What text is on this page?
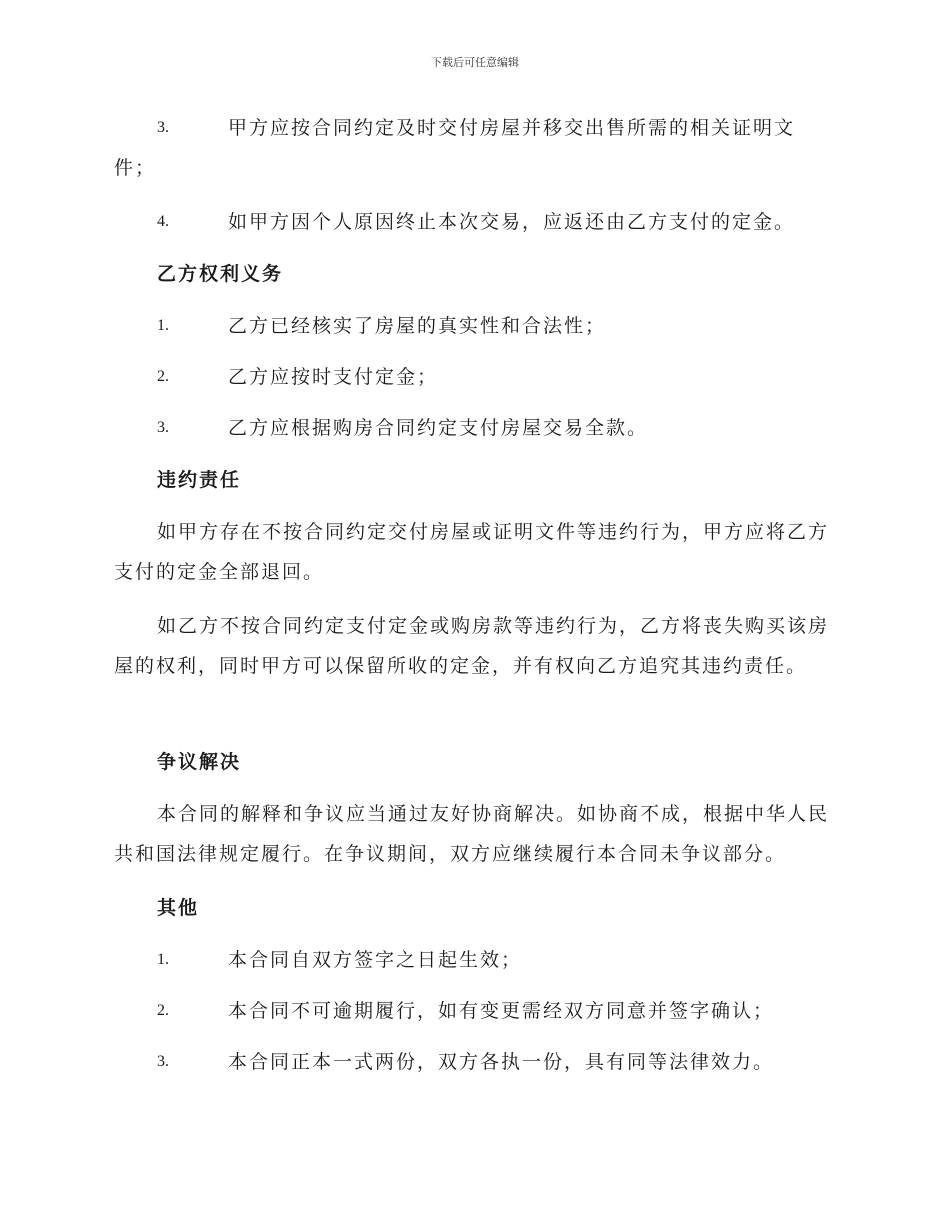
下载后可任意编辑
3.	甲方应按合同约定及时交付房屋并移交出售所需的相关证明文件；
4.	如甲方因个人原因终止本次交易，应返还由乙方支付的定金。
乙方权利义务
1.	乙方已经核实了房屋的真实性和合法性；
2.	乙方应按时支付定金；
3.	乙方应根据购房合同约定支付房屋交易全款。
违约责任
如甲方存在不按合同约定交付房屋或证明文件等违约行为，甲方应将乙方支付的定金全部退回。
如乙方不按合同约定支付定金或购房款等违约行为，乙方将丧失购买该房屋的权利，同时甲方可以保留所收的定金，并有权向乙方追究其违约责任。
争议解决
本合同的解释和争议应当通过友好协商解决。如协商不成，根据中华人民共和国法律规定履行。在争议期间，双方应继续履行本合同未争议部分。
其他
1.	本合同自双方签字之日起生效；
2.	本合同不可逾期履行，如有变更需经双方同意并签字确认；
3.	本合同正本一式两份，双方各执一份，具有同等法律效力。
